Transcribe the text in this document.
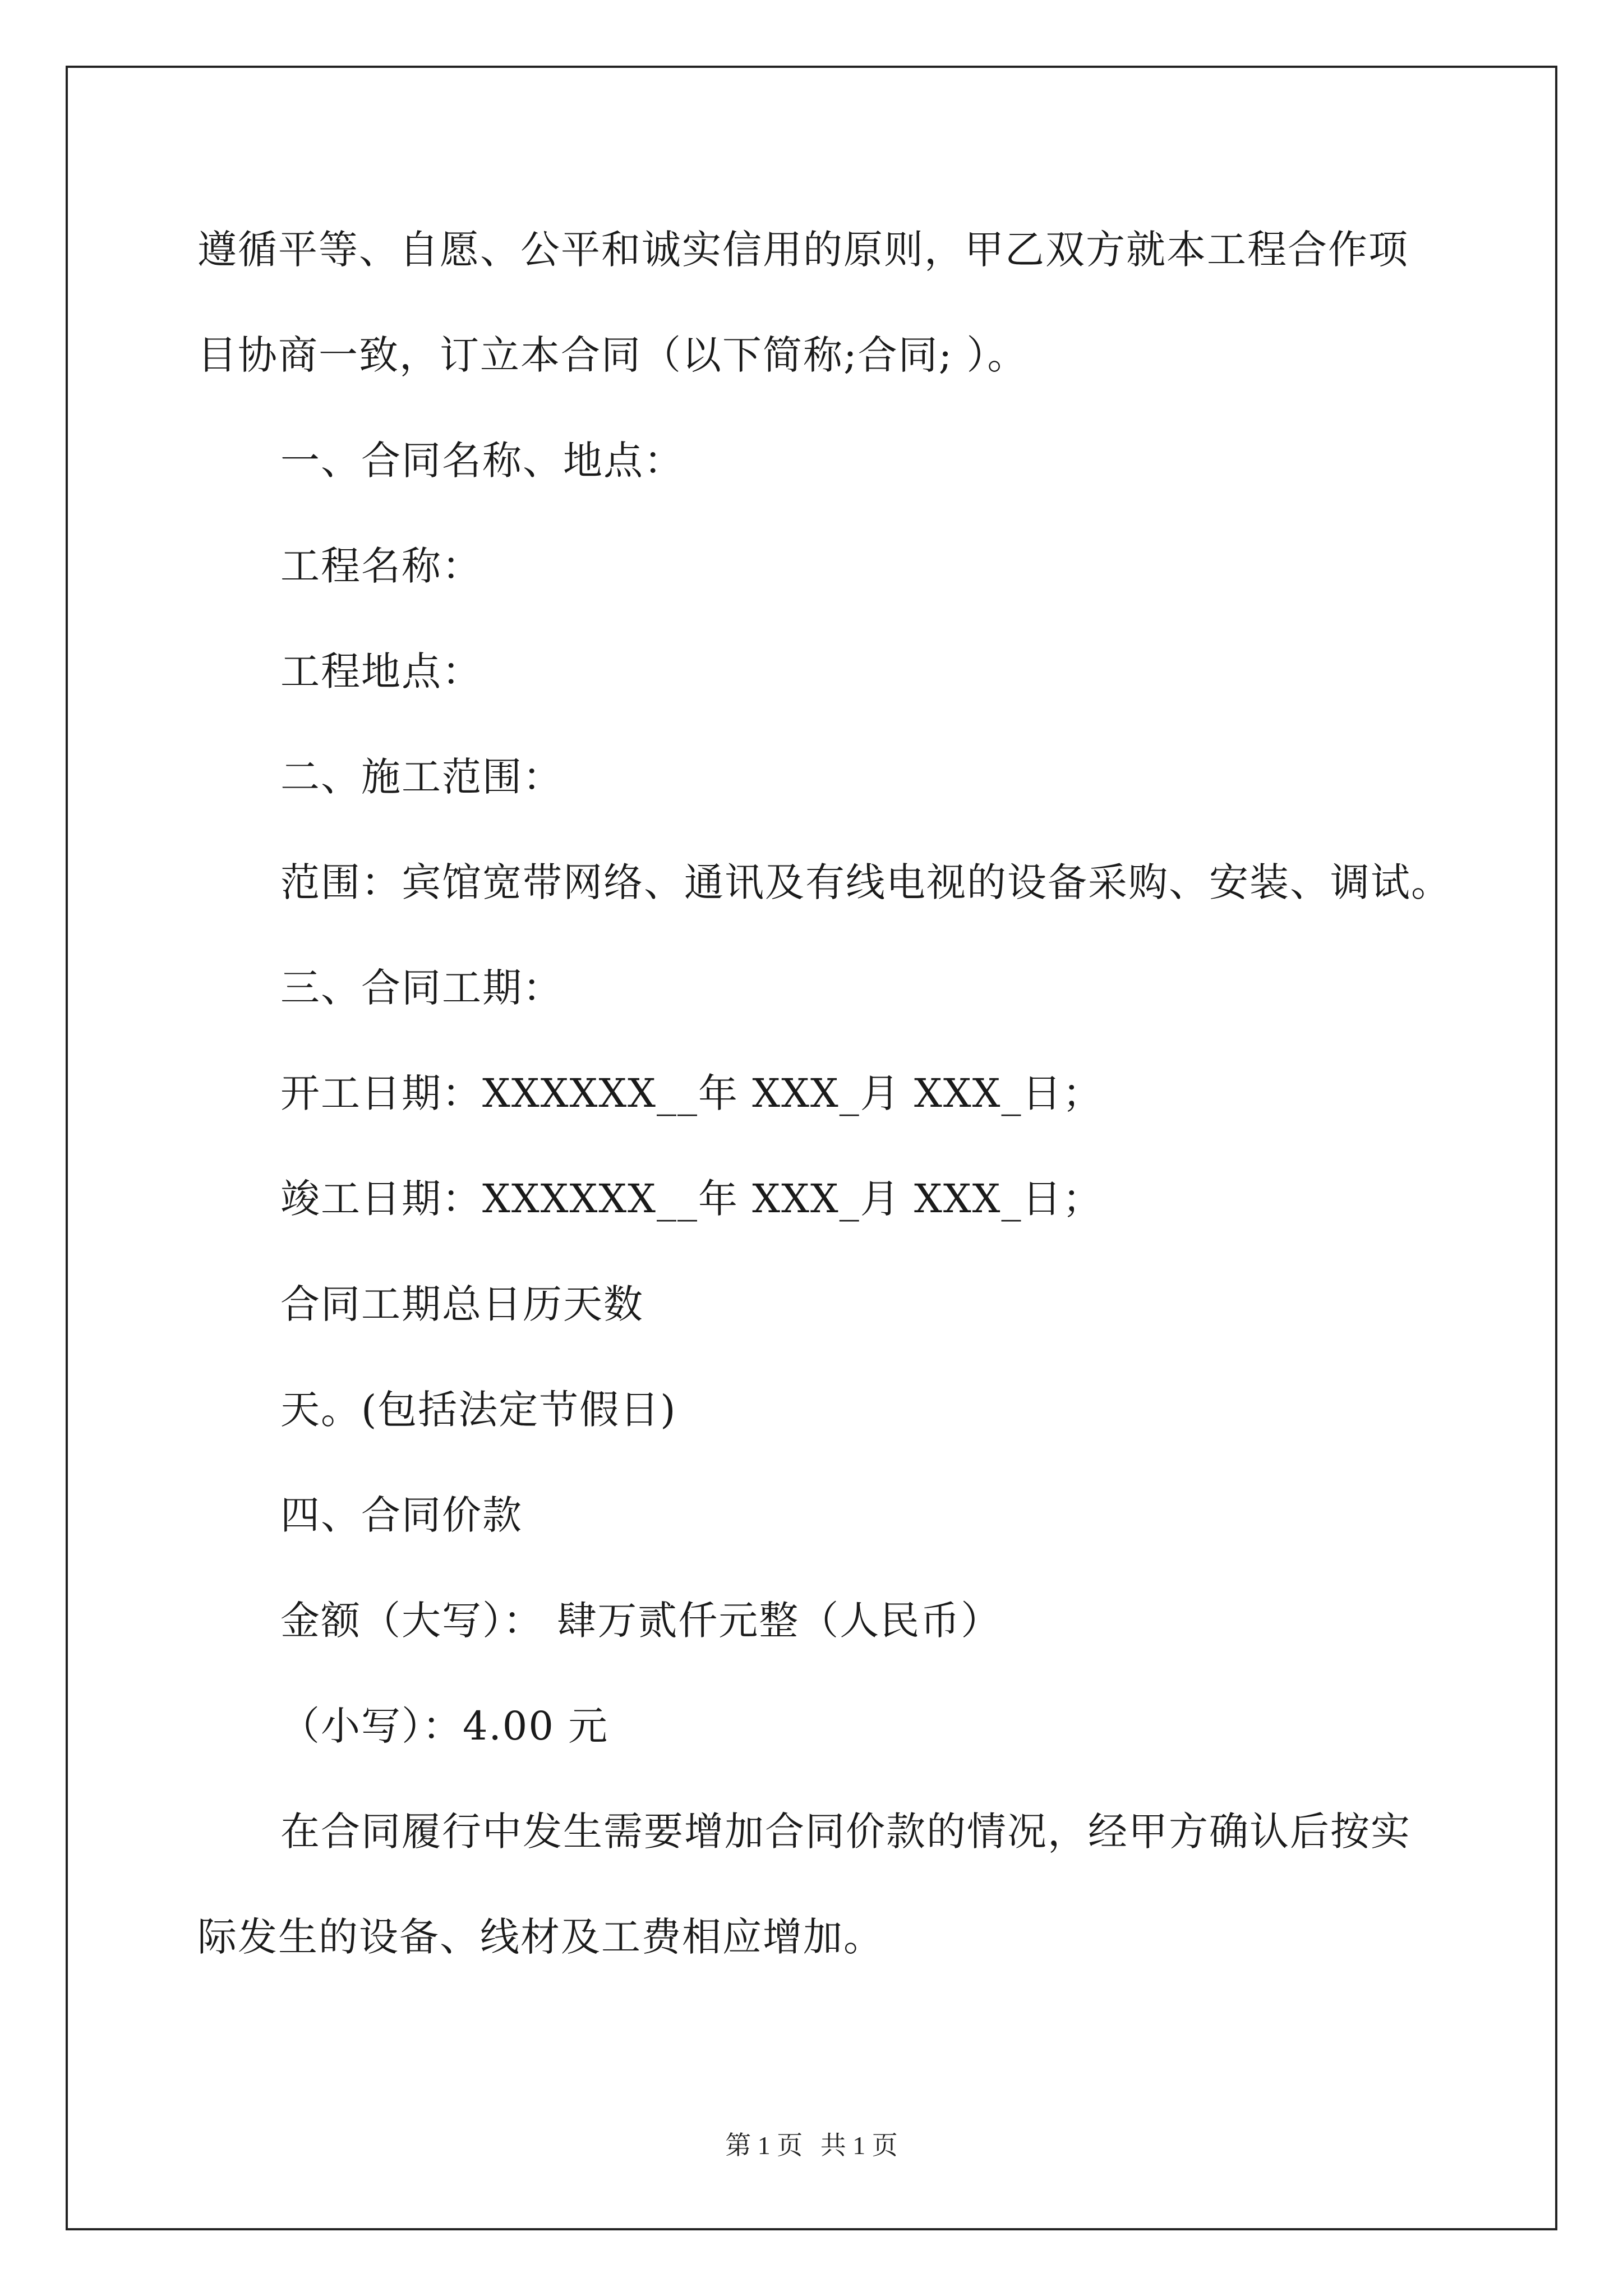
遵循平等、自愿、公平和诚实信用的原则，甲乙双方就本工程合作项
目协商一致，订立本合同（以下简称;合同; ）。
一、合同名称、地点：
工程名称：
工程地点：
二、施工范围：
范围：宾馆宽带网络、通讯及有线电视的设备采购、安装、调试。
三、合同工期：
开工日期：XXXXXX__年 XXX_月 XXX_日；
竣工日期：XXXXXX__年 XXX_月 XXX_日；
合同工期总日历天数
天。(包括法定节假日)
四、合同价款
金额（大写）： 肆万贰仟元整（人民币）
（小写）：4.00 元
在合同履行中发生需要增加合同价款的情况，经甲方确认后按实
际发生的设备、线材及工费相应增加。
第 1 页 共 1 页
